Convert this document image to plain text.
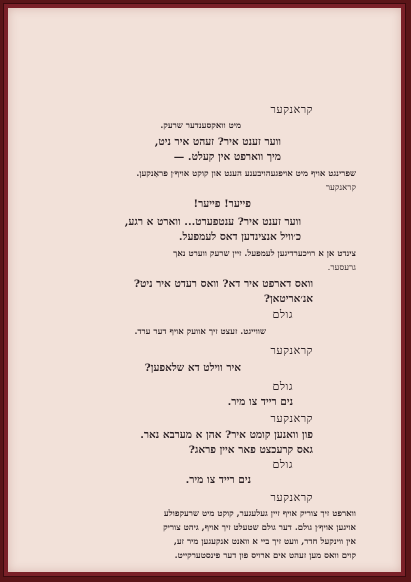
קראנקער
מיט וואקסענדער שרעק.
ווער זענט איר? זעהט איר ניט,
מיך ווארפט אין קעלט. —
שפרינגט אויף מיט אויפגעהויבענע הענט און קוקט אויף׳ן פראַנקען.
קראנקער
פייער! פייער!
ווער זענט איר? ענטפערט... ווארט א רגע,
כ׳וויל אנצינדען דאס לעמפעל.
צינדט אן א רויכערדיגען לעמפעל. זיין שרעק ווערט נאך
גרעסער.
וואס דארפט איר דא? וואס רעדט איר ניט?
אנ׳אריטאן?
גולם
שווייגט. זעצט זיך אוועק אויף דער ערד.
קראנקער
איר ווילט דא שלאפען?
גולם
נים רייד צו מיר.
קראנקער
פון וואנען קומט איר? אהן א מערבא נאר.
גאס קרעכצט פאר איין פראג?
גולם
נים רייד צו מיר.
קראנקער
ווארפט זיך צוריק אויף זיין געלעגער, קוקט מיט שרעקפולע
אויגען אויף׳ן גולם. דער גולם שטעלט זיך אויף, גיהט צוריק
אין ווינקעל חדר, וועט זיך ביי א וואנט אנקעגען מיר זע,
קוים וואס מען זעהט אים ארויס פון דער פינסטערקייט.
